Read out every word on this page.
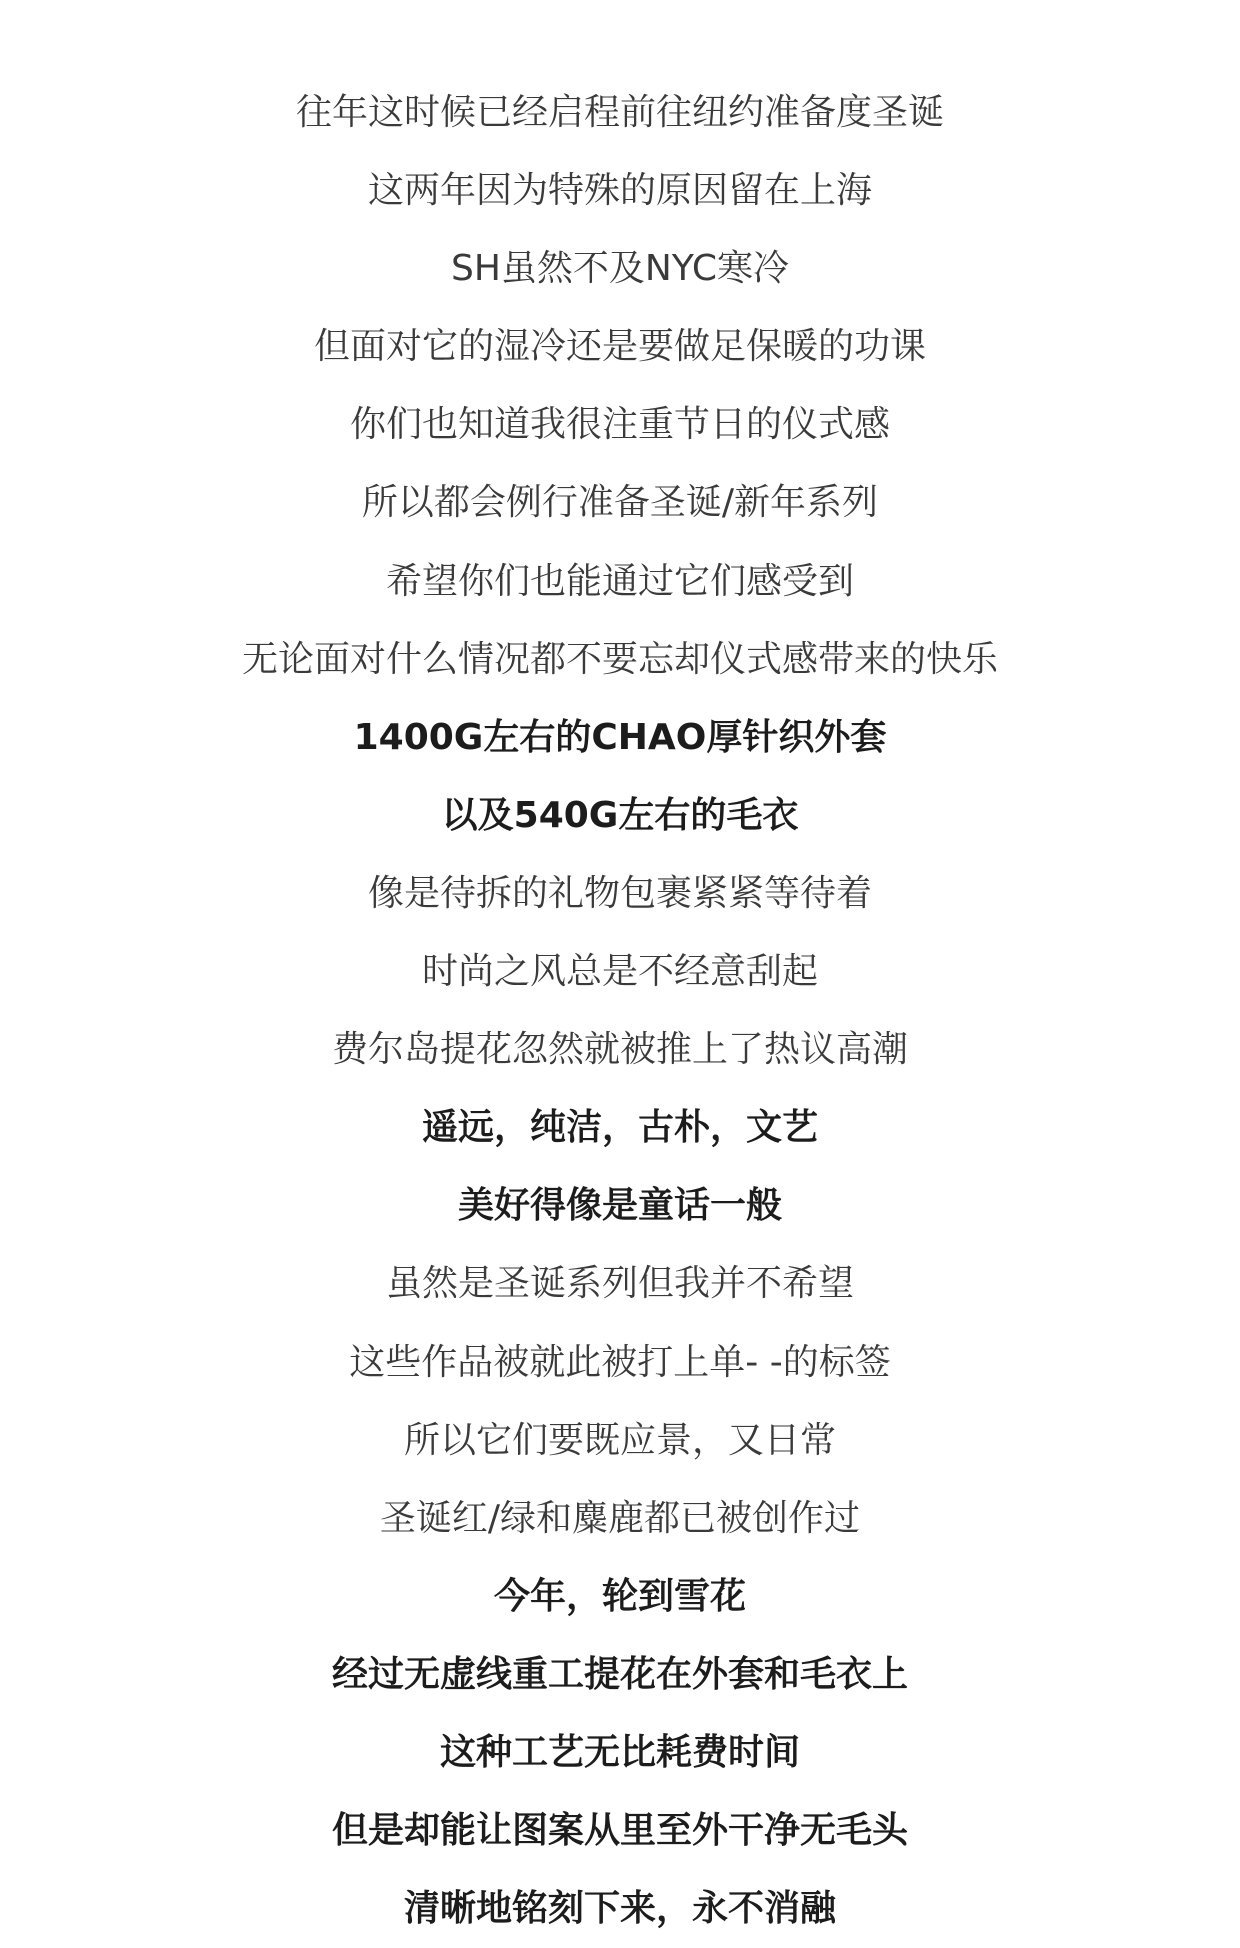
往年这时候已经启程前往纽约准备度圣诞
这两年因为特殊的原因留在上海
SH虽然不及NYC寒冷
但面对它的湿冷还是要做足保暖的功课
你们也知道我很注重节日的仪式感
所以都会例行准备圣诞/新年系列
希望你们也能通过它们感受到
无论面对什么情况都不要忘却仪式感带来的快乐
1400G左右的CHAO厚针织外套
以及540G左右的毛衣
像是待拆的礼物包裹紧紧等待着
时尚之风总是不经意刮起
费尔岛提花忽然就被推上了热议高潮
遥远，纯洁，古朴，文艺
美好得像是童话一般
虽然是圣诞系列但我并不希望
这些作品被就此被打上单- -的标签
所以它们要既应景，又日常
圣诞红/绿和麋鹿都已被创作过
今年，轮到雪花
经过无虚线重工提花在外套和毛衣上
这种工艺无比耗费时间
但是却能让图案从里至外干净无毛头
清晰地铭刻下来，永不消融
